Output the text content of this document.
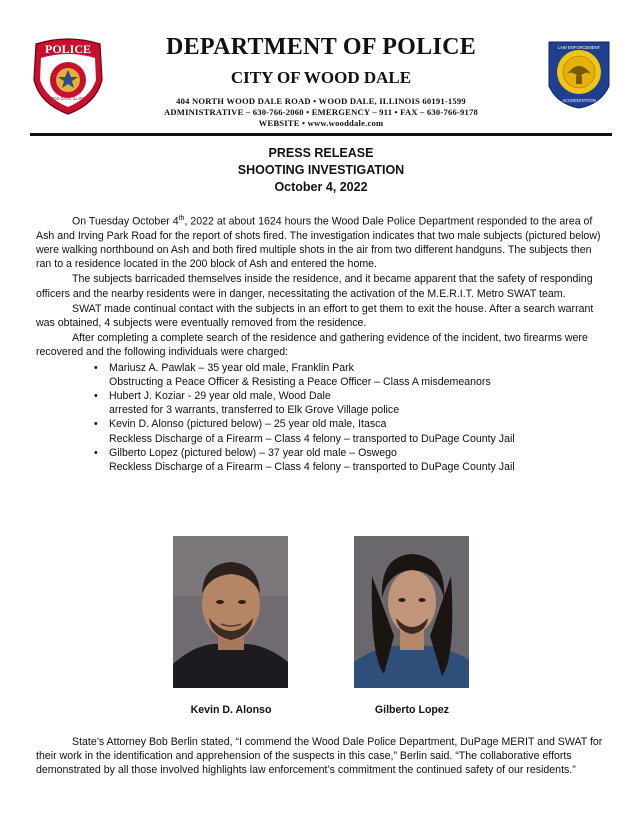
POLICE
WOOD DALE ILLINOIS
LAW ENFORCEMENT
ACCREDITATION
DEPARTMENT OF POLICE
CITY OF WOOD DALE
404 NORTH WOOD DALE ROAD • WOOD DALE, ILLINOIS 60191-1599
ADMINISTRATIVE – 630-766-2060 • EMERGENCY – 911 • FAX – 630-766-9178
WEBSITE • www.wooddale.com
PRESS RELEASE
SHOOTING INVESTIGATION
October 4, 2022

On Tuesday October 4th, 2022 at about 1624 hours the Wood Dale Police Department responded to the area of Ash and Irving Park Road for the report of shots fired. The investigation indicates that two male subjects (pictured below) were walking northbound on Ash and both fired multiple shots in the air from two different handguns. The subjects then ran to a residence located in the 200 block of Ash and entered the home.

The subjects barricaded themselves inside the residence, and it became apparent that the safety of responding officers and the nearby residents were in danger, necessitating the activation of the M.E.R.I.T. Metro SWAT team.

SWAT made continual contact with the subjects in an effort to get them to exit the house. After a search warrant was obtained, 4 subjects were eventually removed from the residence.

After completing a complete search of the residence and gathering evidence of the incident, two firearms were recovered and the following individuals were charged:

• Mariusz A. Pawlak – 35 year old male, Franklin Park
Obstructing a Peace Officer & Resisting a Peace Officer – Class A misdemeanors
• Hubert J. Koziar - 29 year old male, Wood Dale
arrested for 3 warrants, transferred to Elk Grove Village police
• Kevin D. Alonso (pictured below) – 25 year old male, Itasca
Reckless Discharge of a Firearm – Class 4 felony – transported to DuPage County Jail
• Gilberto Lopez (pictured below) – 37 year old male – Oswego
Reckless Discharge of a Firearm – Class 4 felony – transported to DuPage County Jail
Kevin D. Alonso	Gilberto Lopez

State’s Attorney Bob Berlin stated, “I commend the Wood Dale Police Department, DuPage MERIT and SWAT for their work in the identification and apprehension of the suspects in this case,” Berlin said. “The collaborative efforts demonstrated by all those involved highlights law enforcement’s commitment the continued safety of our residents.”
